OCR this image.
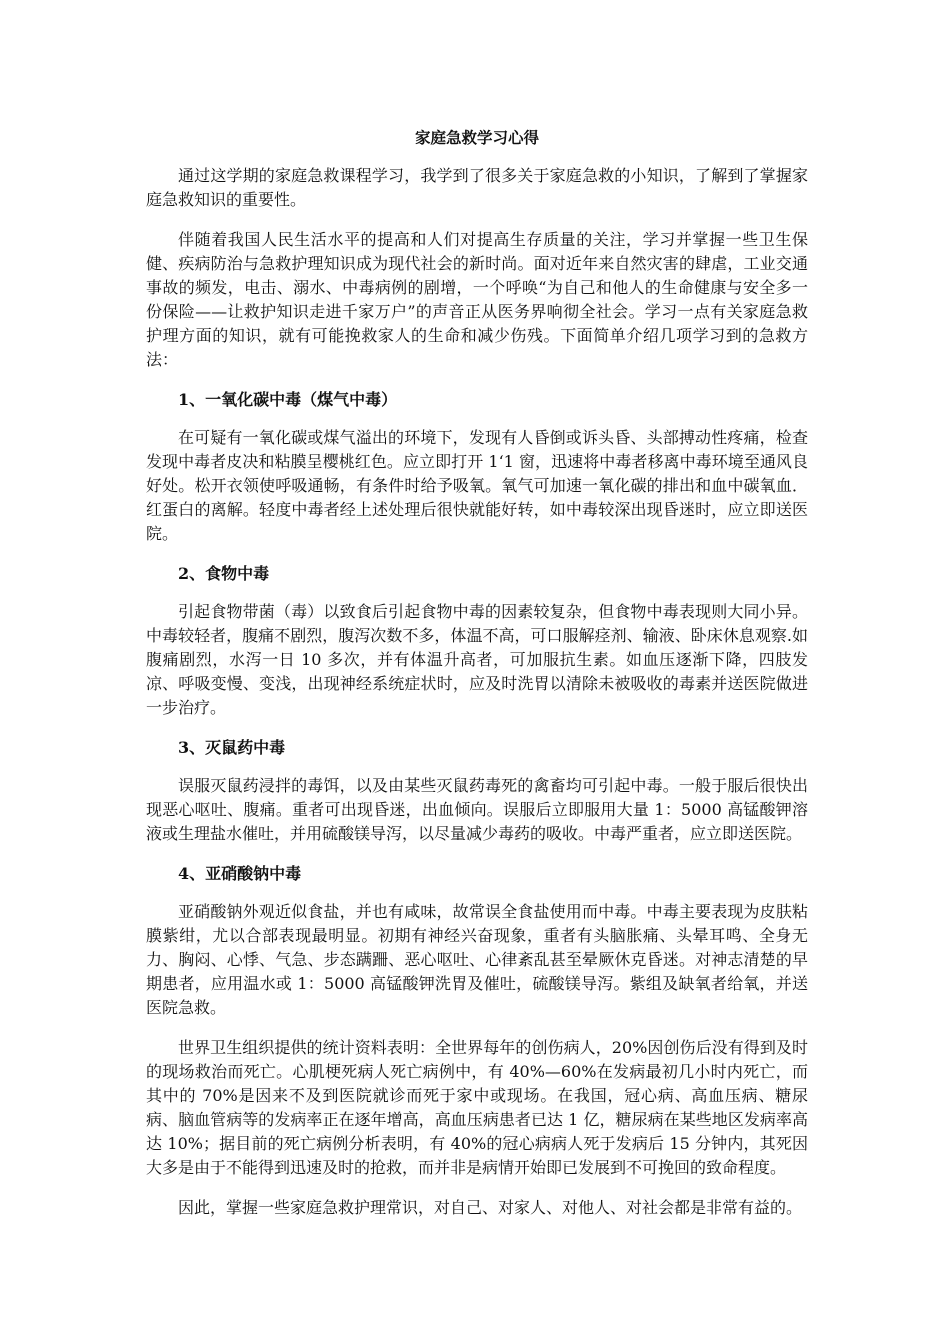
家庭急救学习心得

通过这学期的家庭急救课程学习，我学到了很多关于家庭急救的小知识，了解到了掌握家庭急救知识的重要性。

伴随着我国人民生活水平的提高和人们对提高生存质量的关注，学习并掌握一些卫生保健、疾病防治与急救护理知识成为现代社会的新时尚。面对近年来自然灾害的肆虐，工业交通事故的频发，电击、溺水、中毒病例的剧增，一个呼唤“为自己和他人的生命健康与安全多一份保险——让救护知识走进千家万户”的声音正从医务界响彻全社会。学习一点有关家庭急救护理方面的知识，就有可能挽救家人的生命和减少伤残。下面简单介绍几项学习到的急救方法：

1、一氧化碳中毒（煤气中毒）

在可疑有一氧化碳或煤气溢出的环境下，发现有人昏倒或诉头昏、头部搏动性疼痛，检查发现中毒者皮决和粘膜呈樱桃红色。应立即打开 1‘1 窗，迅速将中毒者移离中毒环境至通风良好处。松开衣领使呼吸通畅，有条件时给予吸氧。氧气可加速一氧化碳的排出和血中碳氧血．红蛋白的离解。轻度中毒者经上述处理后很快就能好转，如中毒较深出现昏迷时，应立即送医院。

2、食物中毒

引起食物带菌（毒）以致食后引起食物中毒的因素较复杂，但食物中毒表现则大同小异。中毒较轻者，腹痛不剧烈，腹泻次数不多，体温不高，可口服解痉剂、输液、卧床休息观察.如腹痛剧烈，水泻一日 10 多次，并有体温升高者，可加服抗生素。如血压逐渐下降，四肢发凉、呼吸变慢、变浅，出现神经系统症状时，应及时洗胃以清除未被吸收的毒素并送医院做进一步治疗。

3、灭鼠药中毒

误服灭鼠药浸拌的毒饵，以及由某些灭鼠药毒死的禽畜均可引起中毒。一般于服后很快出现恶心呕吐、腹痛。重者可出现昏迷，出血倾向。误服后立即服用大量 1：5000 高锰酸钾溶液或生理盐水催吐，并用硫酸镁导泻，以尽量减少毒药的吸收。中毒严重者，应立即送医院。

4、亚硝酸钠中毒

亚硝酸钠外观近似食盐，并也有咸味，故常误全食盐使用而中毒。中毒主要表现为皮肤粘膜紫绀，尤以合部表现最明显。初期有神经兴奋现象，重者有头脑胀痛、头晕耳鸣、全身无力、胸闷、心悸、气急、步态蹒跚、恶心呕吐、心律紊乱甚至晕厥休克昏迷。对神志清楚的早期患者，应用温水或 1：5000 高锰酸钾洗胃及催吐，硫酸镁导泻。紫组及缺氧者给氧，并送医院急救。

世界卫生组织提供的统计资料表明：全世界每年的创伤病人，20%因创伤后没有得到及时的现场救治而死亡。心肌梗死病人死亡病例中，有 40%—60%在发病最初几小时内死亡，而其中的 70%是因来不及到医院就诊而死于家中或现场。在我国，冠心病、高血压病、糖尿病、脑血管病等的发病率正在逐年增高，高血压病患者已达 1 亿，糖尿病在某些地区发病率高达 10%；据目前的死亡病例分析表明，有 40%的冠心病病人死于发病后 15 分钟内，其死因大多是由于不能得到迅速及时的抢救，而并非是病情开始即已发展到不可挽回的致命程度。

因此，掌握一些家庭急救护理常识，对自己、对家人、对他人、对社会都是非常有益的。
